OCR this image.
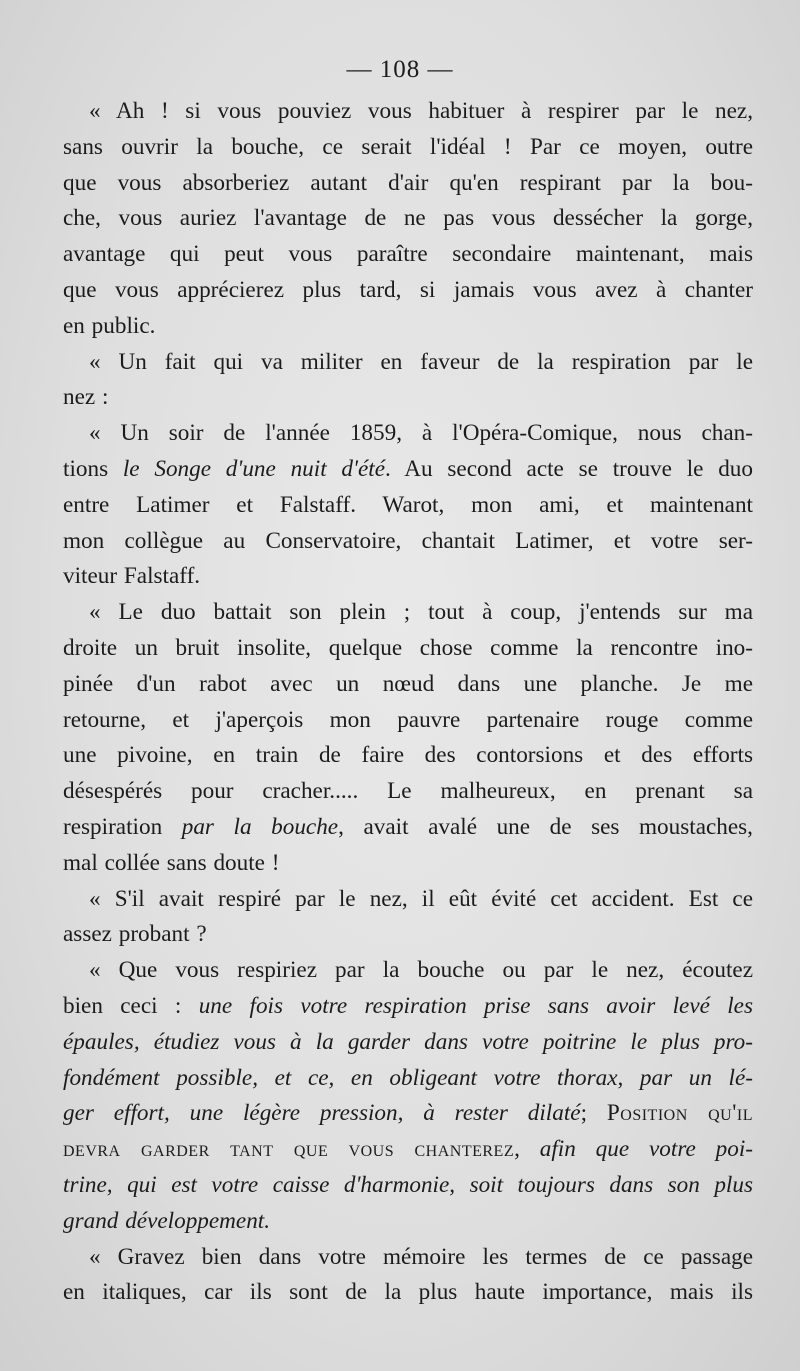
— 108 —
« Ah ! si vous pouviez vous habituer à respirer par le nez,
sans ouvrir la bouche, ce serait l'idéal ! Par ce moyen, outre
que vous absorberiez autant d'air qu'en respirant par la bou-
che, vous auriez l'avantage de ne pas vous dessécher la gorge,
avantage qui peut vous paraître secondaire maintenant, mais
que vous apprécierez plus tard, si jamais vous avez à chanter
en public.
« Un fait qui va militer en faveur de la respiration par le
nez :
« Un soir de l'année 1859, à l'Opéra-Comique, nous chan-
tions le Songe d'une nuit d'été. Au second acte se trouve le duo
entre Latimer et Falstaff. Warot, mon ami, et maintenant
mon collègue au Conservatoire, chantait Latimer, et votre ser-
viteur Falstaff.
« Le duo battait son plein ; tout à coup, j'entends sur ma
droite un bruit insolite, quelque chose comme la rencontre ino-
pinée d'un rabot avec un nœud dans une planche. Je me
retourne, et j'aperçois mon pauvre partenaire rouge comme
une pivoine, en train de faire des contorsions et des efforts
désespérés pour cracher..... Le malheureux, en prenant sa
respiration par la bouche, avait avalé une de ses moustaches,
mal collée sans doute !
« S'il avait respiré par le nez, il eût évité cet accident. Est ce
assez probant ?
« Que vous respiriez par la bouche ou par le nez, écoutez
bien ceci : une fois votre respiration prise sans avoir levé les
épaules, étudiez vous à la garder dans votre poitrine le plus pro-
fondément possible, et ce, en obligeant votre thorax, par un lé-
ger effort, une légère pression, à rester dilaté; Position qu'il
devra garder tant que vous chanterez, afin que votre poi-
trine, qui est votre caisse d'harmonie, soit toujours dans son plus
grand développement.
« Gravez bien dans votre mémoire les termes de ce passage
en italiques, car ils sont de la plus haute importance, mais ils
